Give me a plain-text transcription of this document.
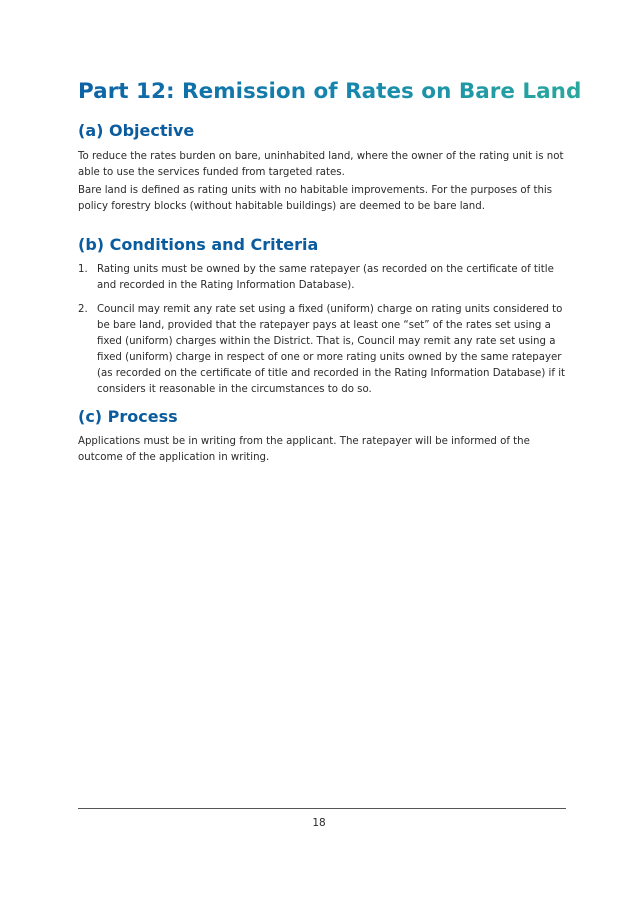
Part 12: Remission of Rates on Bare Land
(a) Objective

To reduce the rates burden on bare, uninhabited land, where the owner of the rating unit is not able to use the services funded from targeted rates.

Bare land is defined as rating units with no habitable improvements. For the purposes of this policy forestry blocks (without habitable buildings) are deemed to be bare land.

(b) Conditions and Criteria
1. Rating units must be owned by the same ratepayer (as recorded on the certificate of title and recorded in the Rating Information Database).
2. Council may remit any rate set using a fixed (uniform) charge on rating units considered to be bare land, provided that the ratepayer pays at least one “set” of the rates set using a fixed (uniform) charges within the District. That is, Council may remit any rate set using a fixed (uniform) charge in respect of one or more rating units owned by the same ratepayer (as recorded on the certificate of title and recorded in the Rating Information Database) if it considers it reasonable in the circumstances to do so.
(c) Process

Applications must be in writing from the applicant. The ratepayer will be informed of the outcome of the application in writing.

18
